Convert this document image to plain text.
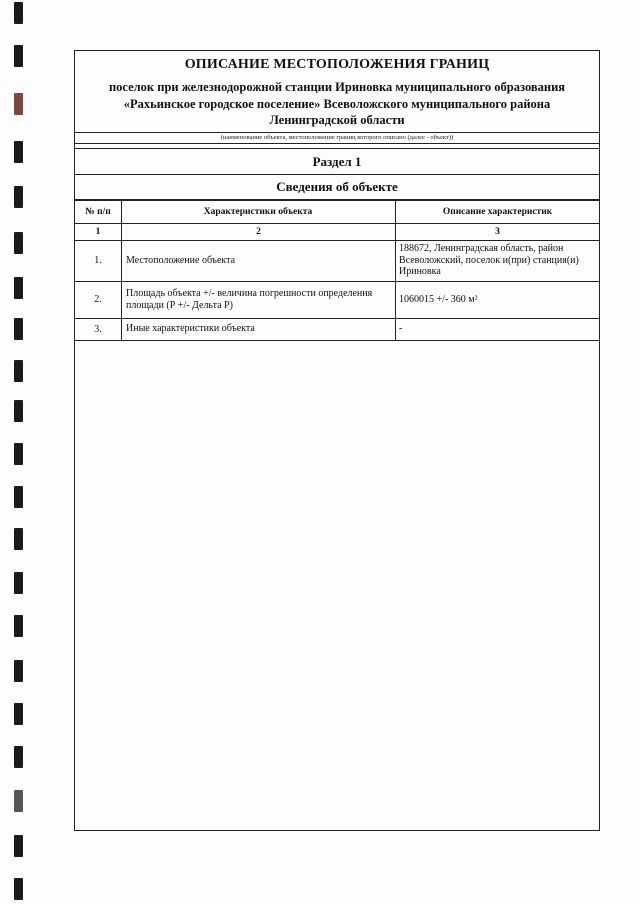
ОПИСАНИЕ МЕСТОПОЛОЖЕНИЯ ГРАНИЦ

поселок при железнодорожной станции Ириновка муниципального образования

«Рахьинское городское поселение» Всеволожского муниципального района

Ленинградской области

(наименование объекта, местоположение границ которого описано (далее - объект))
Раздел 1
Сведения об объекте
№ п/п	Характеристики объекта	Описание характеристик
1	2	3
1.	Местоположение объекта	188672, Ленинградская область, район Всеволожский, поселок и(при) станция(и) Ириновка
2.	Площадь объекта +/- величина погрешности определения площади (Р +/- Дельта Р)	1060015 +/- 360 м²
3.	Иные характеристики объекта	-
